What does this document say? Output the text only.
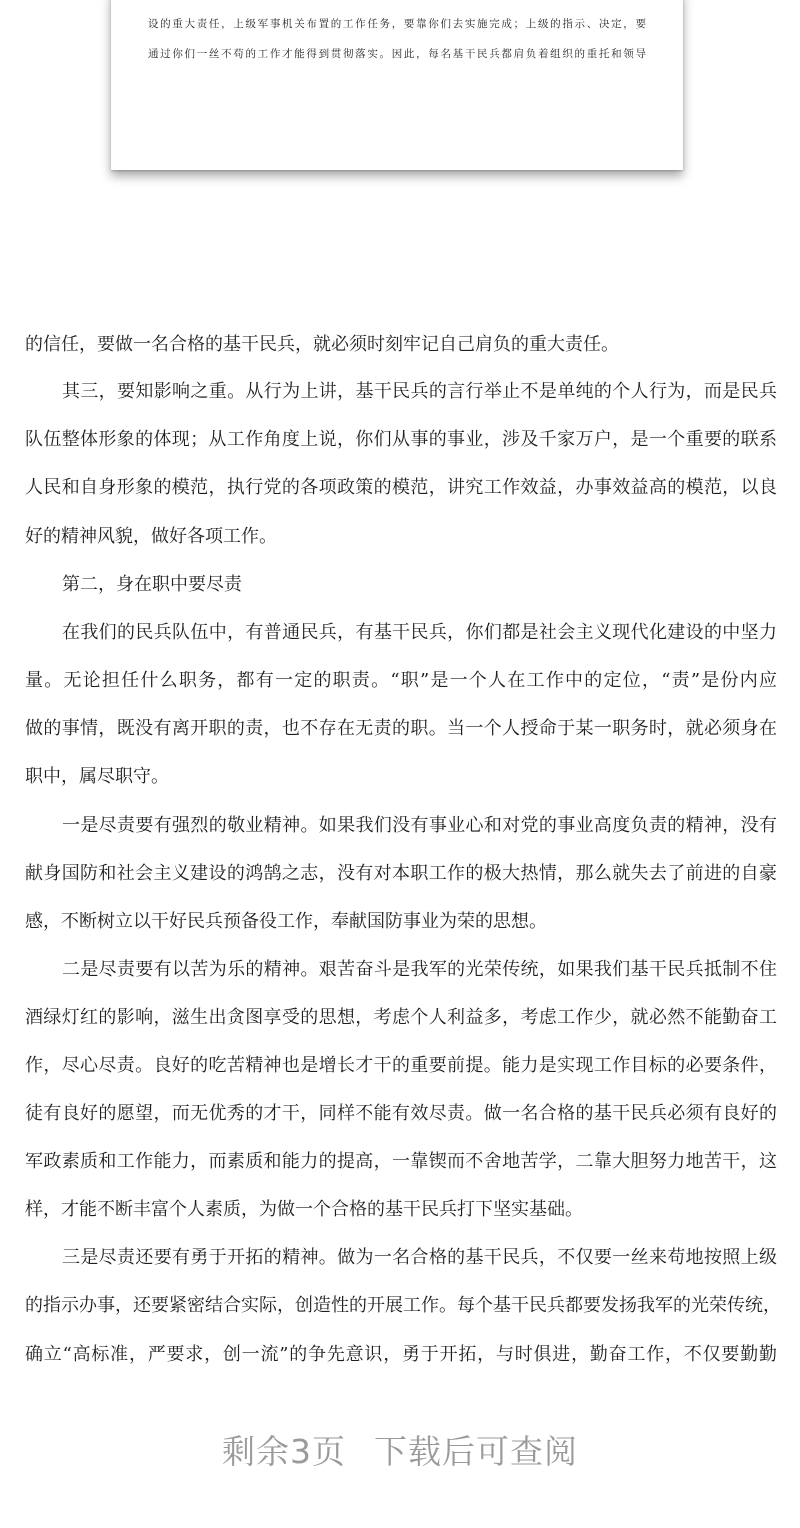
设的重大责任，上级军事机关布置的工作任务，要靠你们去实施完成；上级的指示、决定，要
通过你们一丝不苟的工作才能得到贯彻落实。因此，每名基干民兵都肩负着组织的重托和领导
的信任，要做一名合格的基干民兵，就必须时刻牢记自己肩负的重大责任。
其三，要知影响之重。从行为上讲，基干民兵的言行举止不是单纯的个人行为，而是民兵
队伍整体形象的体现；从工作角度上说，你们从事的事业，涉及千家万户，是一个重要的联系
人民和自身形象的模范，执行党的各项政策的模范，讲究工作效益，办事效益高的模范，以良
好的精神风貌，做好各项工作。
第二，身在职中要尽责
在我们的民兵队伍中，有普通民兵，有基干民兵，你们都是社会主义现代化建设的中坚力
量。无论担任什么职务，都有一定的职责。“职”是一个人在工作中的定位，“责”是份内应
做的事情，既没有离开职的责，也不存在无责的职。当一个人授命于某一职务时，就必须身在
职中，属尽职守。
一是尽责要有强烈的敬业精神。如果我们没有事业心和对党的事业高度负责的精神，没有
献身国防和社会主义建设的鸿鹄之志，没有对本职工作的极大热情，那么就失去了前进的自豪
感，不断树立以干好民兵预备役工作，奉献国防事业为荣的思想。
二是尽责要有以苦为乐的精神。艰苦奋斗是我军的光荣传统，如果我们基干民兵抵制不住
酒绿灯红的影响，滋生出贪图享受的思想，考虑个人利益多，考虑工作少，就必然不能勤奋工
作，尽心尽责。良好的吃苦精神也是增长才干的重要前提。能力是实现工作目标的必要条件，
徒有良好的愿望，而无优秀的才干，同样不能有效尽责。做一名合格的基干民兵必须有良好的
军政素质和工作能力，而素质和能力的提高，一靠锲而不舍地苦学，二靠大胆努力地苦干，这
样，才能不断丰富个人素质，为做一个合格的基干民兵打下坚实基础。
三是尽责还要有勇于开拓的精神。做为一名合格的基干民兵，不仅要一丝来苟地按照上级
的指示办事，还要紧密结合实际，创造性的开展工作。每个基干民兵都要发扬我军的光荣传统，
确立“高标准，严要求，创一流”的争先意识，勇于开拓，与时俱进，勤奋工作，不仅要勤勤
剩余3页 下载后可查阅
